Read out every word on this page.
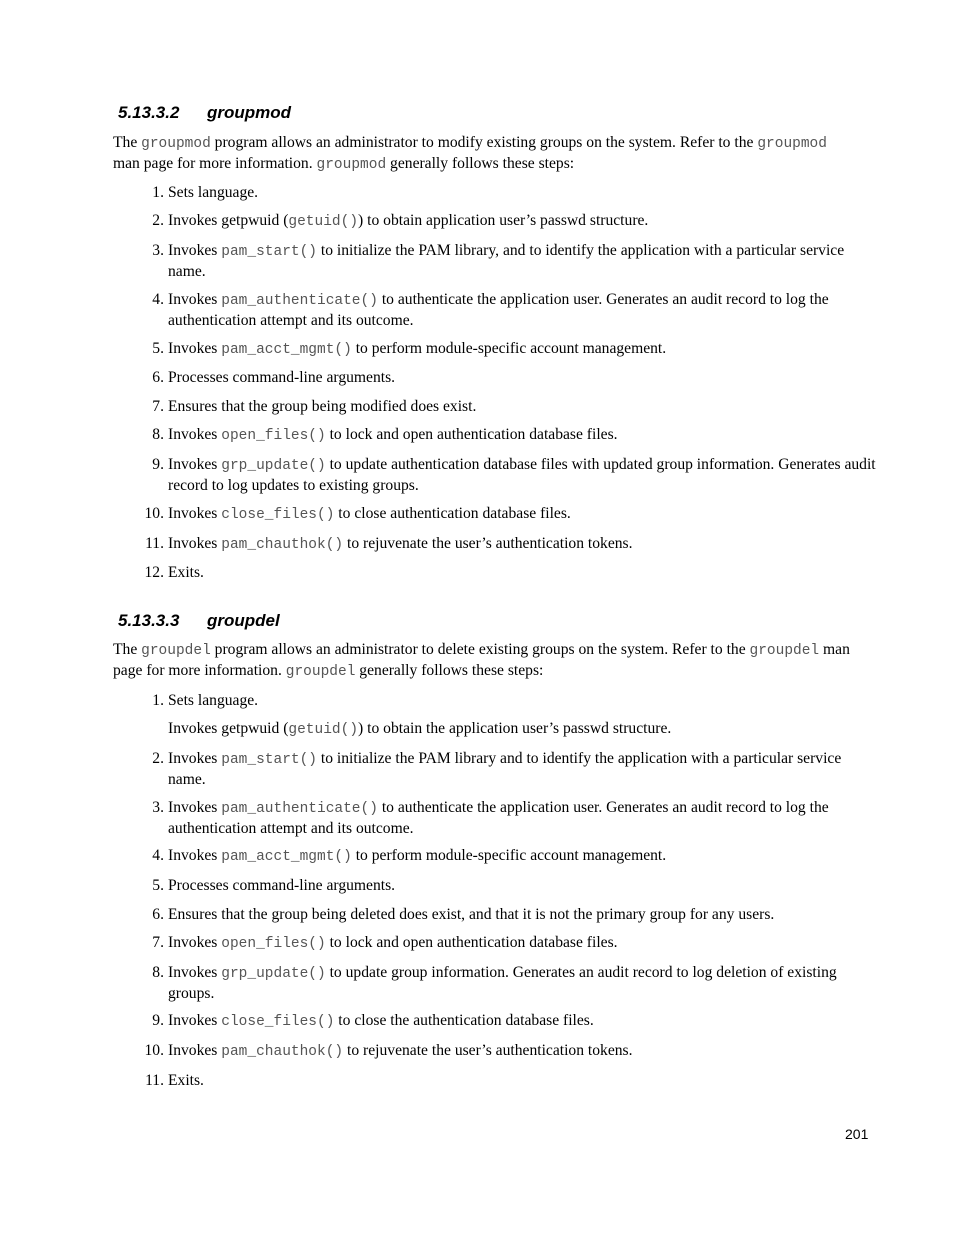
5.13.3.2 groupmod
The groupmod program allows an administrator to modify existing groups on the system. Refer to the groupmod man page for more information. groupmod generally follows these steps:
1. Sets language.
2. Invokes getpwuid (getuid()) to obtain application user’s passwd structure.
3. Invokes pam_start() to initialize the PAM library, and to identify the application with a particular service name.
4. Invokes pam_authenticate() to authenticate the application user. Generates an audit record to log the authentication attempt and its outcome.
5. Invokes pam_acct_mgmt() to perform module-specific account management.
6. Processes command-line arguments.
7. Ensures that the group being modified does exist.
8. Invokes open_files() to lock and open authentication database files.
9. Invokes grp_update() to update authentication database files with updated group information. Generates audit record to log updates to existing groups.
10. Invokes close_files() to close authentication database files.
11. Invokes pam_chauthok() to rejuvenate the user’s authentication tokens.
12. Exits.
5.13.3.3 groupdel
The groupdel program allows an administrator to delete existing groups on the system. Refer to the groupdel man page for more information. groupdel generally follows these steps:
1. Sets language.
Invokes getpwuid (getuid()) to obtain the application user’s passwd structure.
2. Invokes pam_start() to initialize the PAM library and to identify the application with a particular service name.
3. Invokes pam_authenticate() to authenticate the application user. Generates an audit record to log the authentication attempt and its outcome.
4. Invokes pam_acct_mgmt() to perform module-specific account management.
5. Processes command-line arguments.
6. Ensures that the group being deleted does exist, and that it is not the primary group for any users.
7. Invokes open_files() to lock and open authentication database files.
8. Invokes grp_update() to update group information. Generates an audit record to log deletion of existing groups.
9. Invokes close_files() to close the authentication database files.
10. Invokes pam_chauthok() to rejuvenate the user’s authentication tokens.
11. Exits.
201
